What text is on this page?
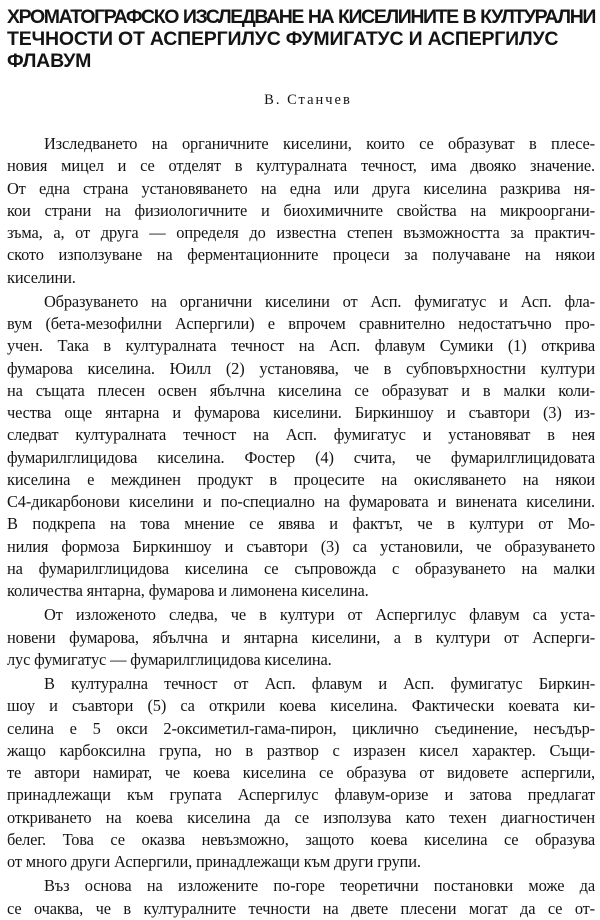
ХРОМАТОГРАФСКО ИЗСЛЕДВАНЕ НА КИСЕЛИНИТЕ В КУЛТУРАЛНИ
ТЕЧНОСТИ ОТ АСПЕРГИЛУС ФУМИГАТУС И АСПЕРГИЛУС
ФЛАВУМ
В. Станчев

Изследването на органичните киселини, които се образуват в плесе-
новия мицел и се отделят в културалната течност, има двояко значение.
От една страна установяването на една или друга киселина разкрива ня-
кои страни на физиологичните и биохимичните свойства на микрооргани-
зъма, а, от друга — определя до известна степен възможността за практич-
ското използуване на ферментационните процеси за получаване на някои
киселини.

Образуването на органични киселини от Асп. фумигатус и Асп. фла-
вум (бета-мезофилни Аспергили) е впрочем сравнително недостатъчно про-
учен. Така в културалната течност на Асп. флавум Сумики (1) открива
фумарова киселина. Юилл (2) установява, че в субповърхностни култури
на същата плесен освен ябълчна киселина се образуват и в малки коли-
чества още янтарна и фумарова киселини. Биркиншоу и съавтори (3) из-
следват културалната течност на Асп. фумигатус и установяват в нея
фумарилглицидова киселина. Фостер (4) счита, че фумарилглицидовата
киселина е междинен продукт в процесите на окисляването на някои
C4-дикарбонови киселини и по-специално на фумаровата и винената киселини.
В подкрепа на това мнение се явява и фактът, че в култури от Мо-
нилия формоза Биркиншоу и съавтори (3) са установили, че образуването
на фумарилглицидова киселина се съпровожда с образуването на малки
количества янтарна, фумарова и лимонена киселина.

От изложеното следва, че в култури от Аспергилус флавум са уста-
новени фумарова, ябълчна и янтарна киселини, а в култури от Асперги-
лус фумигатус — фумарилглицидова киселина.

В културална течност от Асп. флавум и Асп. фумигатус Биркин-
шоу и съавтори (5) са открили коева киселина. Фактически коевата ки-
селина е 5 окси 2-оксиметил-гама-пирон, циклично съединение, несъдър-
жащо карбоксилна група, но в разтвор с изразен кисел характер. Същи-
те автори намират, че коева киселина се образува от видовете аспергили,
принадлежащи към групата Аспергилус флавум-оризе и затова предлагат
откриването на коева киселина да се използува като техен диагностичен
белег. Това се оказва невъзможно, защото коева киселина се образува
от много други Аспергили, принадлежащи към други групи.

Въз основа на изложените по-горе теоретични постановки може да
се очаква, че в културалните течности на двете плесени могат да се от-
